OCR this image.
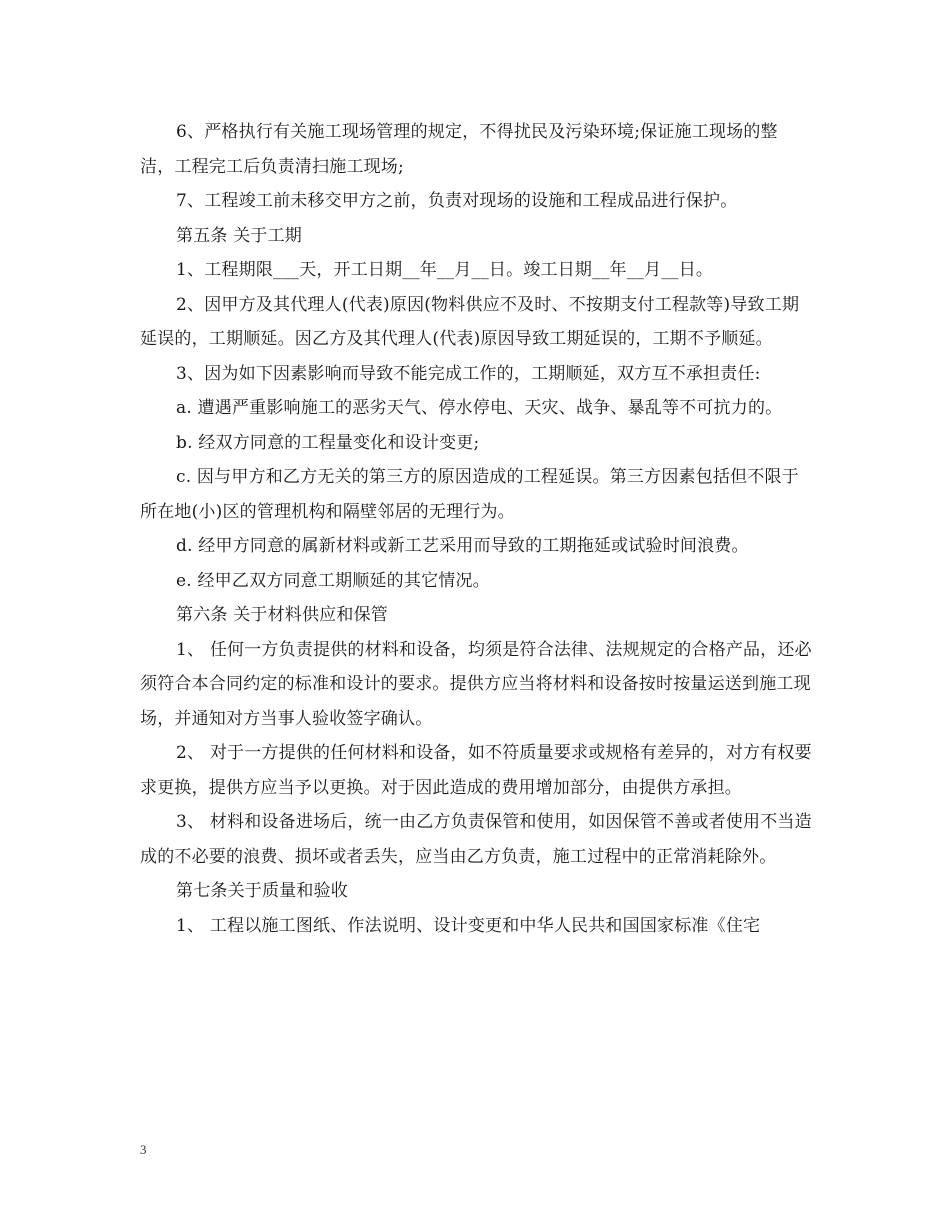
6、严格执行有关施工现场管理的规定，不得扰民及污染环境;保证施工现场的整洁，工程完工后负责清扫施工现场;

7、工程竣工前未移交甲方之前，负责对现场的设施和工程成品进行保护。

第五条 关于工期

1、工程期限___天，开工日期__年__月__日。竣工日期__年__月__日。

2、因甲方及其代理人(代表)原因(物料供应不及时、不按期支付工程款等)导致工期延误的，工期顺延。因乙方及其代理人(代表)原因导致工期延误的，工期不予顺延。

3、因为如下因素影响而导致不能完成工作的，工期顺延，双方互不承担责任:

a. 遭遇严重影响施工的恶劣天气、停水停电、天灾、战争、暴乱等不可抗力的。

b. 经双方同意的工程量变化和设计变更;

c. 因与甲方和乙方无关的第三方的原因造成的工程延误。第三方因素包括但不限于所在地(小)区的管理机构和隔壁邻居的无理行为。

d. 经甲方同意的属新材料或新工艺采用而导致的工期拖延或试验时间浪费。

e. 经甲乙双方同意工期顺延的其它情况。

第六条 关于材料供应和保管

1、 任何一方负责提供的材料和设备，均须是符合法律、法规规定的合格产品，还必须符合本合同约定的标准和设计的要求。提供方应当将材料和设备按时按量运送到施工现场，并通知对方当事人验收签字确认。

2、 对于一方提供的任何材料和设备，如不符质量要求或规格有差异的，对方有权要求更换，提供方应当予以更换。对于因此造成的费用增加部分，由提供方承担。

3、 材料和设备进场后，统一由乙方负责保管和使用，如因保管不善或者使用不当造成的不必要的浪费、损坏或者丢失，应当由乙方负责，施工过程中的正常消耗除外。

第七条关于质量和验收

1、 工程以施工图纸、作法说明、设计变更和中华人民共和国国家标准《住宅

3
